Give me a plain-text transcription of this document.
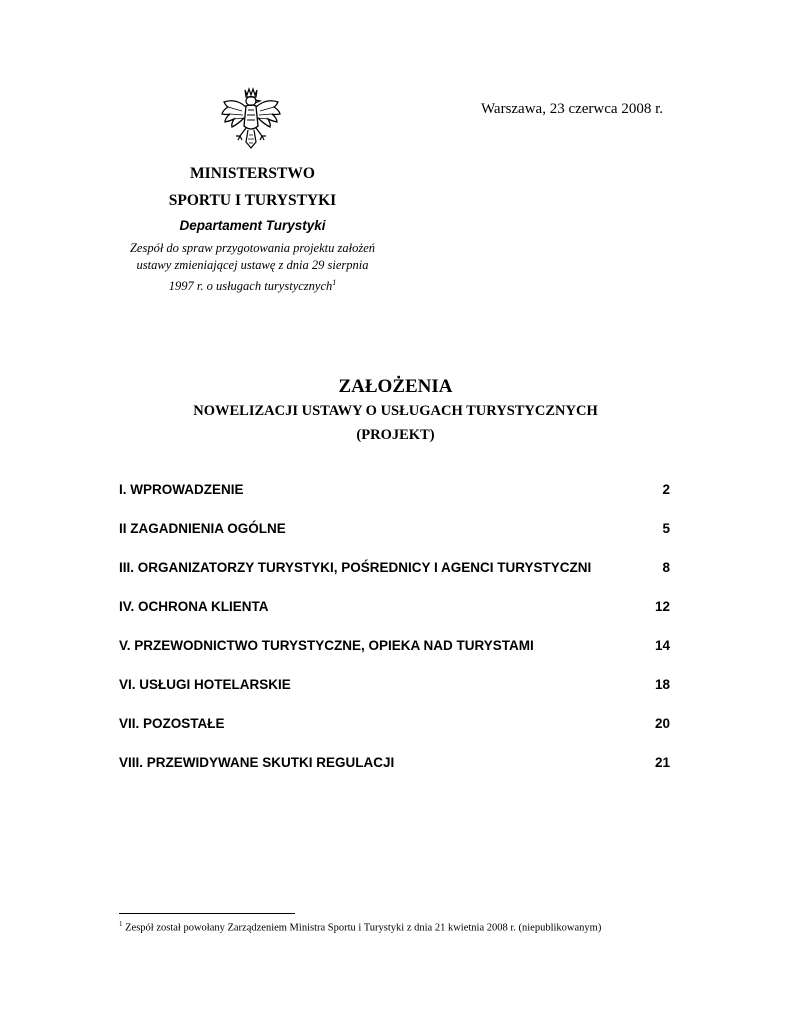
Warszawa, 23 czerwca 2008 r.
MINISTERSTWO
SPORTU I TURYSTYKI
Departament Turystyki
Zespół do spraw przygotowania projektu założeń
ustawy zmieniającej ustawę z dnia 29 sierpnia
1997 r. o usługach turystycznych$^1$
ZAŁOŻENIA
NOWELIZACJI USTAWY O USŁUGACH TURYSTYCZNYCH
(PROJEKT)
I. WPROWADZENIE	2
II ZAGADNIENIA OGÓLNE	5
III. ORGANIZATORZY TURYSTYKI, POŚREDNICY I AGENCI TURYSTYCZNI	8
IV. OCHRONA KLIENTA	12
V. PRZEWODNICTWO TURYSTYCZNE, OPIEKA NAD TURYSTAMI	14
VI. USŁUGI HOTELARSKIE	18
VII. POZOSTAŁE	20
VIII. PRZEWIDYWANE SKUTKI REGULACJI	21
$^1$ Zespół został powołany Zarządzeniem Ministra Sportu i Turystyki z dnia 21 kwietnia 2008 r. (niepublikowanym)
